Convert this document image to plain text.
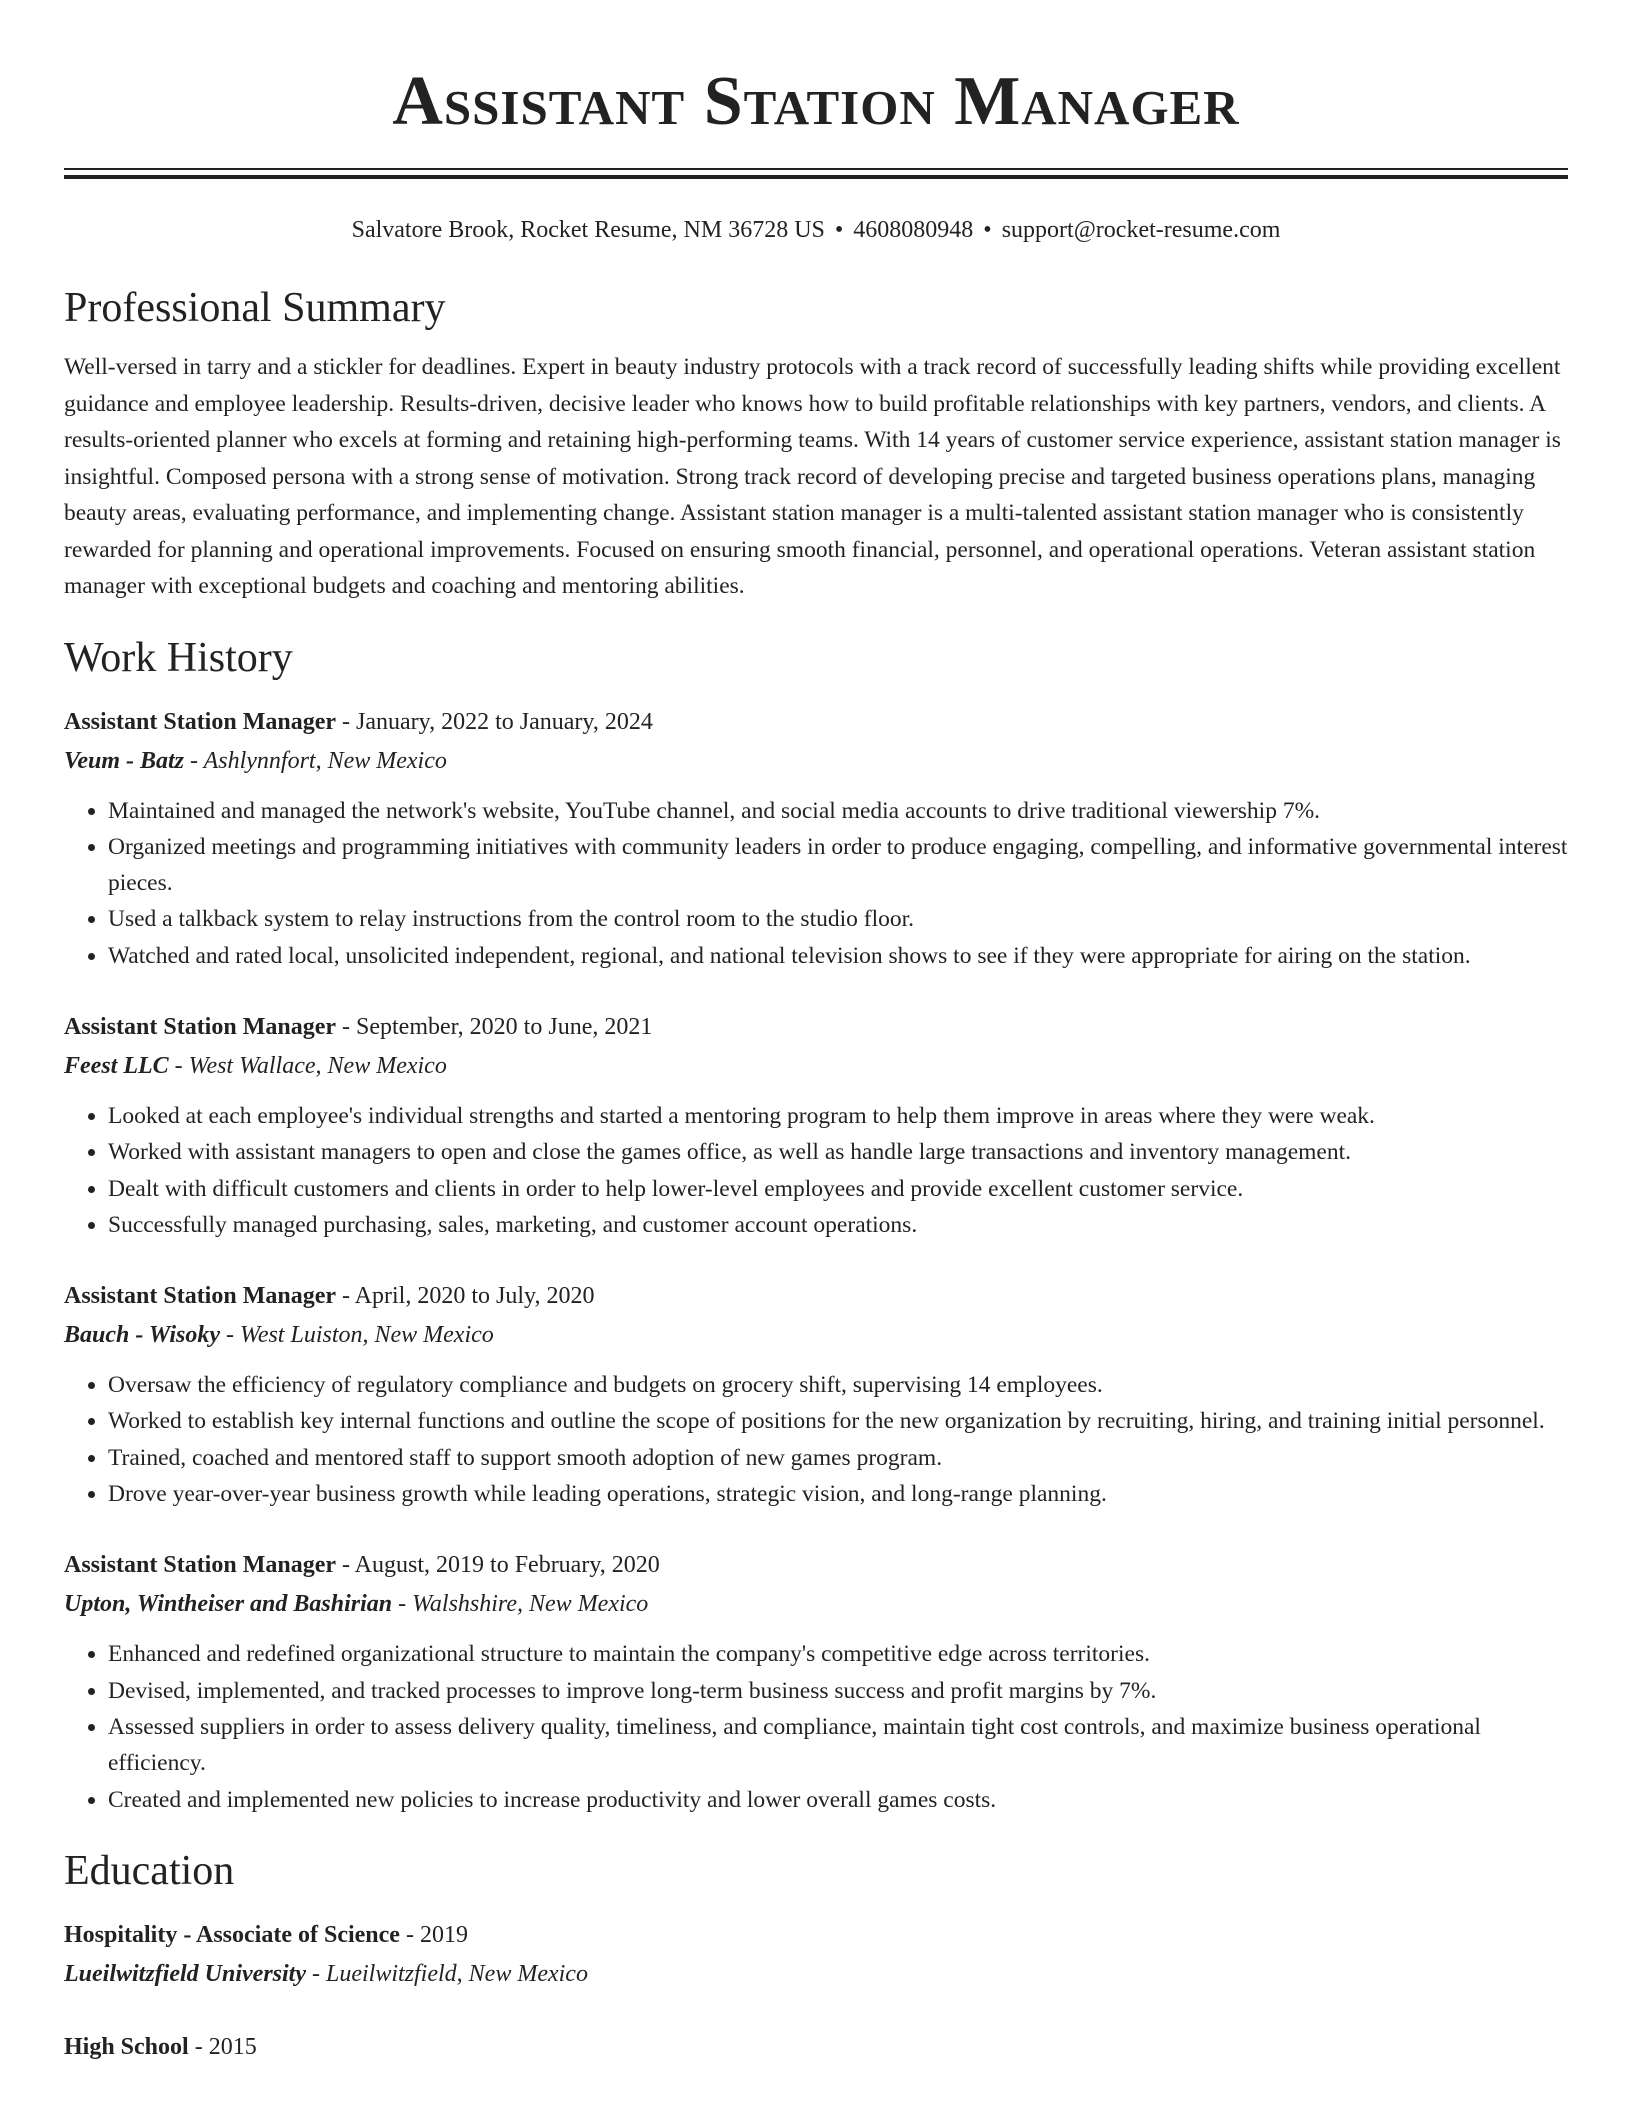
Assistant Station Manager
Salvatore Brook, Rocket Resume, NM 36728 US • 4608080948 • support@rocket-resume.com
Professional Summary

Well-versed in tarry and a stickler for deadlines. Expert in beauty industry protocols with a track record of successfully leading shifts while providing excellent guidance and employee leadership. Results-driven, decisive leader who knows how to build profitable relationships with key partners, vendors, and clients. A results-oriented planner who excels at forming and retaining high-performing teams. With 14 years of customer service experience, assistant station manager is insightful. Composed persona with a strong sense of motivation. Strong track record of developing precise and targeted business operations plans, managing beauty areas, evaluating performance, and implementing change. Assistant station manager is a multi-talented assistant station manager who is consistently rewarded for planning and operational improvements. Focused on ensuring smooth financial, personnel, and operational operations. Veteran assistant station manager with exceptional budgets and coaching and mentoring abilities.

Work History
Assistant Station Manager - January, 2022 to January, 2024
Veum - Batz - Ashlynnfort, New Mexico
• Maintained and managed the network's website, YouTube channel, and social media accounts to drive traditional viewership 7%.
• Organized meetings and programming initiatives with community leaders in order to produce engaging, compelling, and informative governmental interest pieces.
• Used a talkback system to relay instructions from the control room to the studio floor.
• Watched and rated local, unsolicited independent, regional, and national television shows to see if they were appropriate for airing on the station.
Assistant Station Manager - September, 2020 to June, 2021
Feest LLC - West Wallace, New Mexico
• Looked at each employee's individual strengths and started a mentoring program to help them improve in areas where they were weak.
• Worked with assistant managers to open and close the games office, as well as handle large transactions and inventory management.
• Dealt with difficult customers and clients in order to help lower-level employees and provide excellent customer service.
• Successfully managed purchasing, sales, marketing, and customer account operations.
Assistant Station Manager - April, 2020 to July, 2020
Bauch - Wisoky - West Luiston, New Mexico
• Oversaw the efficiency of regulatory compliance and budgets on grocery shift, supervising 14 employees.
• Worked to establish key internal functions and outline the scope of positions for the new organization by recruiting, hiring, and training initial personnel.
• Trained, coached and mentored staff to support smooth adoption of new games program.
• Drove year-over-year business growth while leading operations, strategic vision, and long-range planning.
Assistant Station Manager - August, 2019 to February, 2020
Upton, Wintheiser and Bashirian - Walshshire, New Mexico
• Enhanced and redefined organizational structure to maintain the company's competitive edge across territories.
• Devised, implemented, and tracked processes to improve long-term business success and profit margins by 7%.
• Assessed suppliers in order to assess delivery quality, timeliness, and compliance, maintain tight cost controls, and maximize business operational efficiency.
• Created and implemented new policies to increase productivity and lower overall games costs.
Education
Hospitality - Associate of Science - 2019
Lueilwitzfield University - Lueilwitzfield, New Mexico
High School - 2015
